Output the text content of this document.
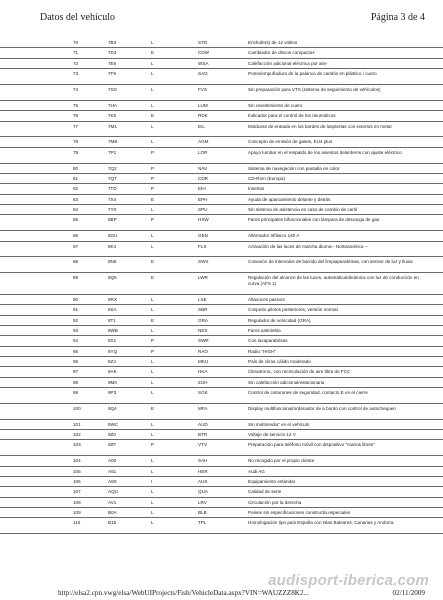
Datos del vehículo	Página 3 de 4
70	7B3	L	STD	Enchufe(s) de 12 voltios
71	7D3	E	CDW	Cambiador de discos compactos
72	7E6	L	WSA	Calefacción adicional eléctrica por aire
73	7F9	L	SAG	Pomo/empuñadura de la palanca de cambio en plástico / cuero
74	7G0	L	FVS	Sin preparación para VTS (sistema de seguimiento de vehículos)
75	7HA	L	LUM	Sin revestimiento de cuero
76	7K6	E	RDK	Indicador para el control de los neumáticos
77	7M1	L	EIL	Molduras de entrada en los bordes de lasptertas con insertos en metal
78	7MB	L	AGM	Concepto de emisión de gases, EU4 plus
79	7P1	P	LOR	Apoyo lumbar en el respaldo de los asientos delanteros con ajuste eléctrico
80	7Q2	P	NAV	Sistema de navegación con pantalla en color
81	7QT	P	CDR	CD-Rom (Europa)
82	7TD	P	EIH	Insertos
83	7X4	E	EPH	Ayuda de aparcamiento delante y detrás
84	7Y0	L	SPU	Sin sistema de asistencia en caso de cambio de carril
85	8BP	P	HSW	Faros principales bifuncionales con lámpara de descarga de gas
86	8GU	L	GEN	Alternador trifásico 140 A
87	8K4	L	FLS	Activación de las luces de marcha diurna-- Norteamérica --
88	8N6	E	SWS	Conexión de intervalos de barrido del limpiaparabrisas, con sensor de luz y lluvia
89	8Q5	E	LWR	Regulación del alcance de las luces, automática/dinámica con luz de conducción en curva (AFS 1)
90	8RX	L	LSE	Altavoces pasivos
91	8SA	L	SBR	Conjunto pilotos posteriores, versión normal
92	8T1	E	GRA	Regulador de velocidad (GRA)
93	8WB	L	NES	Faros antiniebla
94	8X1	P	SWR	Con lavaparabrisas
95	8YQ	P	RAO	Radio "HIGH"
96	8Z4	L	MKU	País de clima cálido moderado
97	9AK	L	HKA	Climatronic, con recirculación de aire libre de FCC
98	9M0	L	ZUH	Sin calefacción adicional/estacionaria
99	9P3	L	SGK	Control de cinturones de seguridad, contacto E en el cierre
100	9Q4	E	MFA	Display multifuncional/ordenador de a bordo con control de autochequeo
101	9WC	L	AUD	Sin multimedia" en el vehículo
102	9Z0	L	BTR	Voltaje de servicio 12 V
103	9ZF	P	VTV	Preparación para teléfono móvil con dispositivo "manos libres"
104	A00	L	SAH	No recogido por el propio cliente
105	A51	L	HER	Audi AG
106	A8S	I	AUS	Equipamiento estándar
107	AQU	L	QUA	Calidad de serie
108	AV1	L	LRV	Circulación por la derecha
109	B0A	L	BLB	Países sin especificaciones constructiv.especiales
110	B15	L	TPL	Homologación tipo país España con Islas Baleares, Canarias y Andorra
audisport-iberica.com
http://elsa2.cpn.vwg/elsa/WebUIProjects/Fish/VehicleData.aspx?VIN=WAUZZZ8K2...	02/11/2009
